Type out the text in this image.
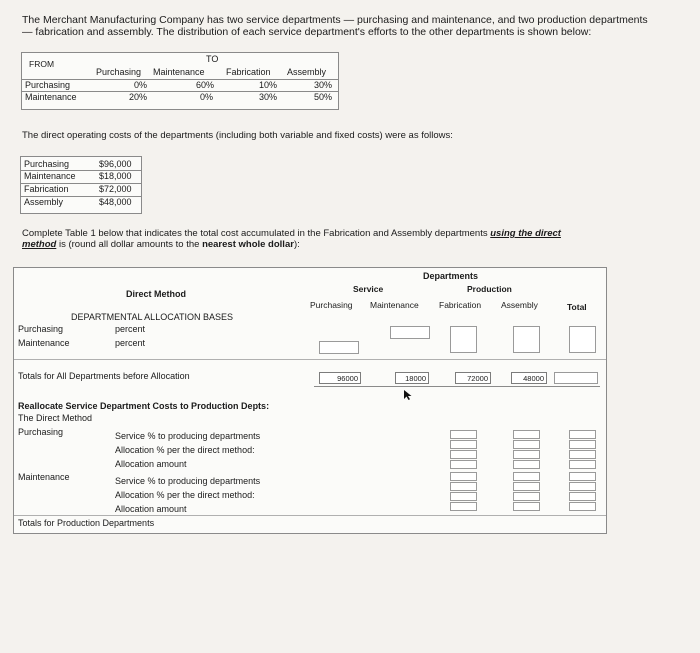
The Merchant Manufacturing Company has two service departments — purchasing and maintenance, and two production departments
— fabrication and assembly. The distribution of each service department's efforts to the other departments is shown below:
TO
FROM
Purchasing Maintenance Fabrication Assembly
Purchasing	0%	60%	10%	30%
Maintenance	20%	0%	30%	50%
The direct operating costs of the departments (including both variable and fixed costs) were as follows:
Purchasing	$96,000
Maintenance	$18,000
Fabrication	$72,000
Assembly	$48,000
Complete Table 1 below that indicates the total cost accumulated in the Fabrication and Assembly departments using the direct
method is (round all dollar amounts to the nearest whole dollar):
Direct Method
Departments
Service	Production
Purchasing Maintenance Fabrication Assembly	Total
DEPARTMENTAL ALLOCATION BASES
Purchasing	percent
Maintenance	percent
Totals for All Departments before Allocation	96000	18000	72000	48000
Reallocate Service Department Costs to Production Depts:
The Direct Method
Purchasing	Service % to producing departments
Allocation % per the direct method:
Allocation amount
Maintenance	Service % to producing departments
Allocation % per the direct method:
Allocation amount
Totals for Production Departments
